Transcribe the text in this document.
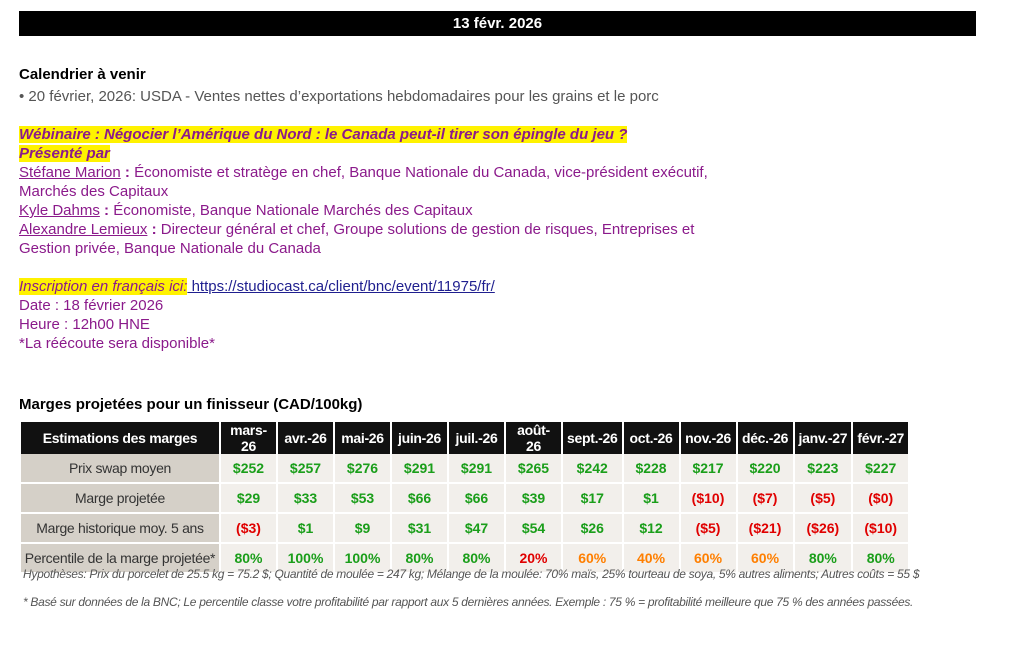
13 févr. 2026
Calendrier à venir
• 20 février, 2026: USDA - Ventes nettes d’exportations hebdomadaires pour les grains et le porc
Wébinaire : Négocier l’Amérique du Nord : le Canada peut-il tirer son épingle du jeu ?
Présenté par
Stéfane Marion : Économiste et stratège en chef, Banque Nationale du Canada, vice-président exécutif,
Marchés des Capitaux
Kyle Dahms : Économiste, Banque Nationale Marchés des Capitaux
Alexandre Lemieux : Directeur général et chef, Groupe solutions de gestion de risques, Entreprises et
Gestion privée, Banque Nationale du Canada
Inscription en français ici: https://studiocast.ca/client/bnc/event/11975/fr/
Date : 18 février 2026
Heure : 12h00 HNE
*La réécoute sera disponible*
Marges projetées pour un finisseur (CAD/100kg)
Estimations des marges	mars-26	avr.-26	mai-26	juin-26	juil.-26	août-26	sept.-26	oct.-26	nov.-26	déc.-26	janv.-27	févr.-27
Prix swap moyen	$252	$257	$276	$291	$291	$265	$242	$228	$217	$220	$223	$227
Marge projetée	$29	$33	$53	$66	$66	$39	$17	$1	($10)	($7)	($5)	($0)
Marge historique moy. 5 ans	($3)	$1	$9	$31	$47	$54	$26	$12	($5)	($21)	($26)	($10)
Percentile de la marge projetée*	80%	100%	100%	80%	80%	20%	60%	40%	60%	60%	80%	80%
Hypothèses: Prix du porcelet de 25.5 kg = 75.2 $; Quantité de moulée = 247 kg; Mélange de la moulée: 70% maïs, 25% tourteau de soya, 5% autres aliments; Autres coûts = 55 $
* Basé sur données de la BNC; Le percentile classe votre profitabilité par rapport aux 5 dernières années. Exemple : 75 % = profitabilité meilleure que 75 % des années passées.
